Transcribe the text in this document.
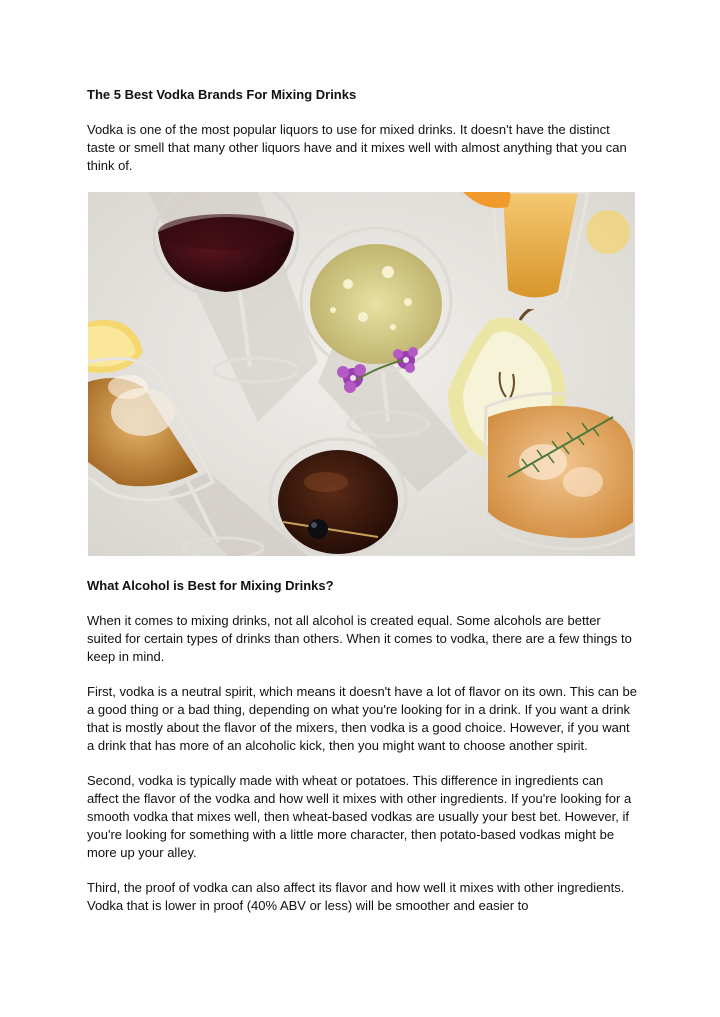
The 5 Best Vodka Brands For Mixing Drinks

Vodka is one of the most popular liquors to use for mixed drinks. It doesn't have the distinct taste or smell that many other liquors have and it mixes well with almost anything that you can think of.

What Alcohol is Best for Mixing Drinks?

When it comes to mixing drinks, not all alcohol is created equal. Some alcohols are better suited for certain types of drinks than others. When it comes to vodka, there are a few things to keep in mind.

First, vodka is a neutral spirit, which means it doesn't have a lot of flavor on its own. This can be a good thing or a bad thing, depending on what you're looking for in a drink. If you want a drink that is mostly about the flavor of the mixers, then vodka is a good choice. However, if you want a drink that has more of an alcoholic kick, then you might want to choose another spirit.

Second, vodka is typically made with wheat or potatoes. This difference in ingredients can affect the flavor of the vodka and how well it mixes with other ingredients. If you're looking for a smooth vodka that mixes well, then wheat-based vodkas are usually your best bet. However, if you're looking for something with a little more character, then potato-based vodkas might be more up your alley.

Third, the proof of vodka can also affect its flavor and how well it mixes with other ingredients. Vodka that is lower in proof (40% ABV or less) will be smoother and easier to
